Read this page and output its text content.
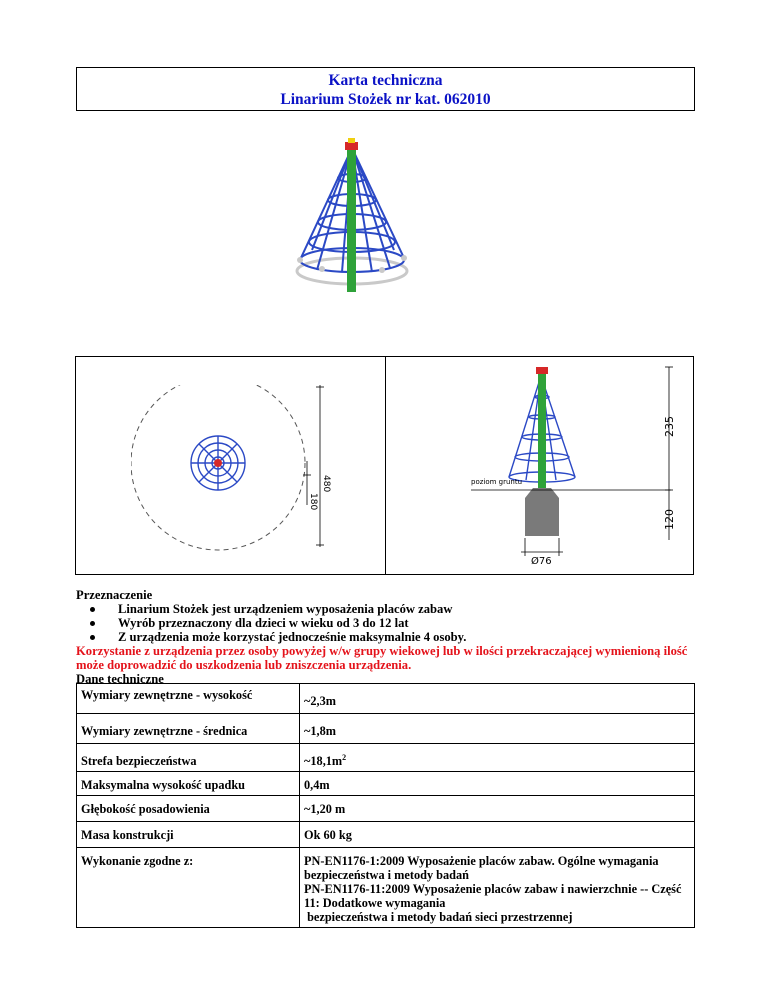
Karta techniczna
Linarium Stożek nr kat. 062010
180
480	poziom gruntu
235
120
Ø76
Przeznaczenie
Linarium Stożek jest urządzeniem wyposażenia placów zabaw
Wyrób przeznaczony dla dzieci w wieku od 3 do 12 lat
Z urządzenia może korzystać jednocześnie maksymalnie 4 osoby.
Korzystanie z urządzenia przez osoby powyżej w/w grupy wiekowej lub w ilości przekraczającej wymienioną ilość może doprowadzić do uszkodzenia lub zniszczenia urządzenia.
Dane techniczne
Wymiary zewnętrzne - wysokość	~2,3m
Wymiary zewnętrzne - średnica	~1,8m
Strefa bezpieczeństwa	$\sim 18,1m^2$
Maksymalna wysokość upadku	0,4m
Głębokość posadowienia	~1,20 m
Masa konstrukcji	Ok 60 kg
Wykonanie zgodne z:	PN-EN1176-1:2009 Wyposażenie placów zabaw. Ogólne wymagania bezpieczeństwa i metody badań
PN-EN1176-11:2009 Wyposażenie placów zabaw i nawierzchnie -- Część 11: Dodatkowe wymagania
bezpieczeństwa i metody badań sieci przestrzennej
